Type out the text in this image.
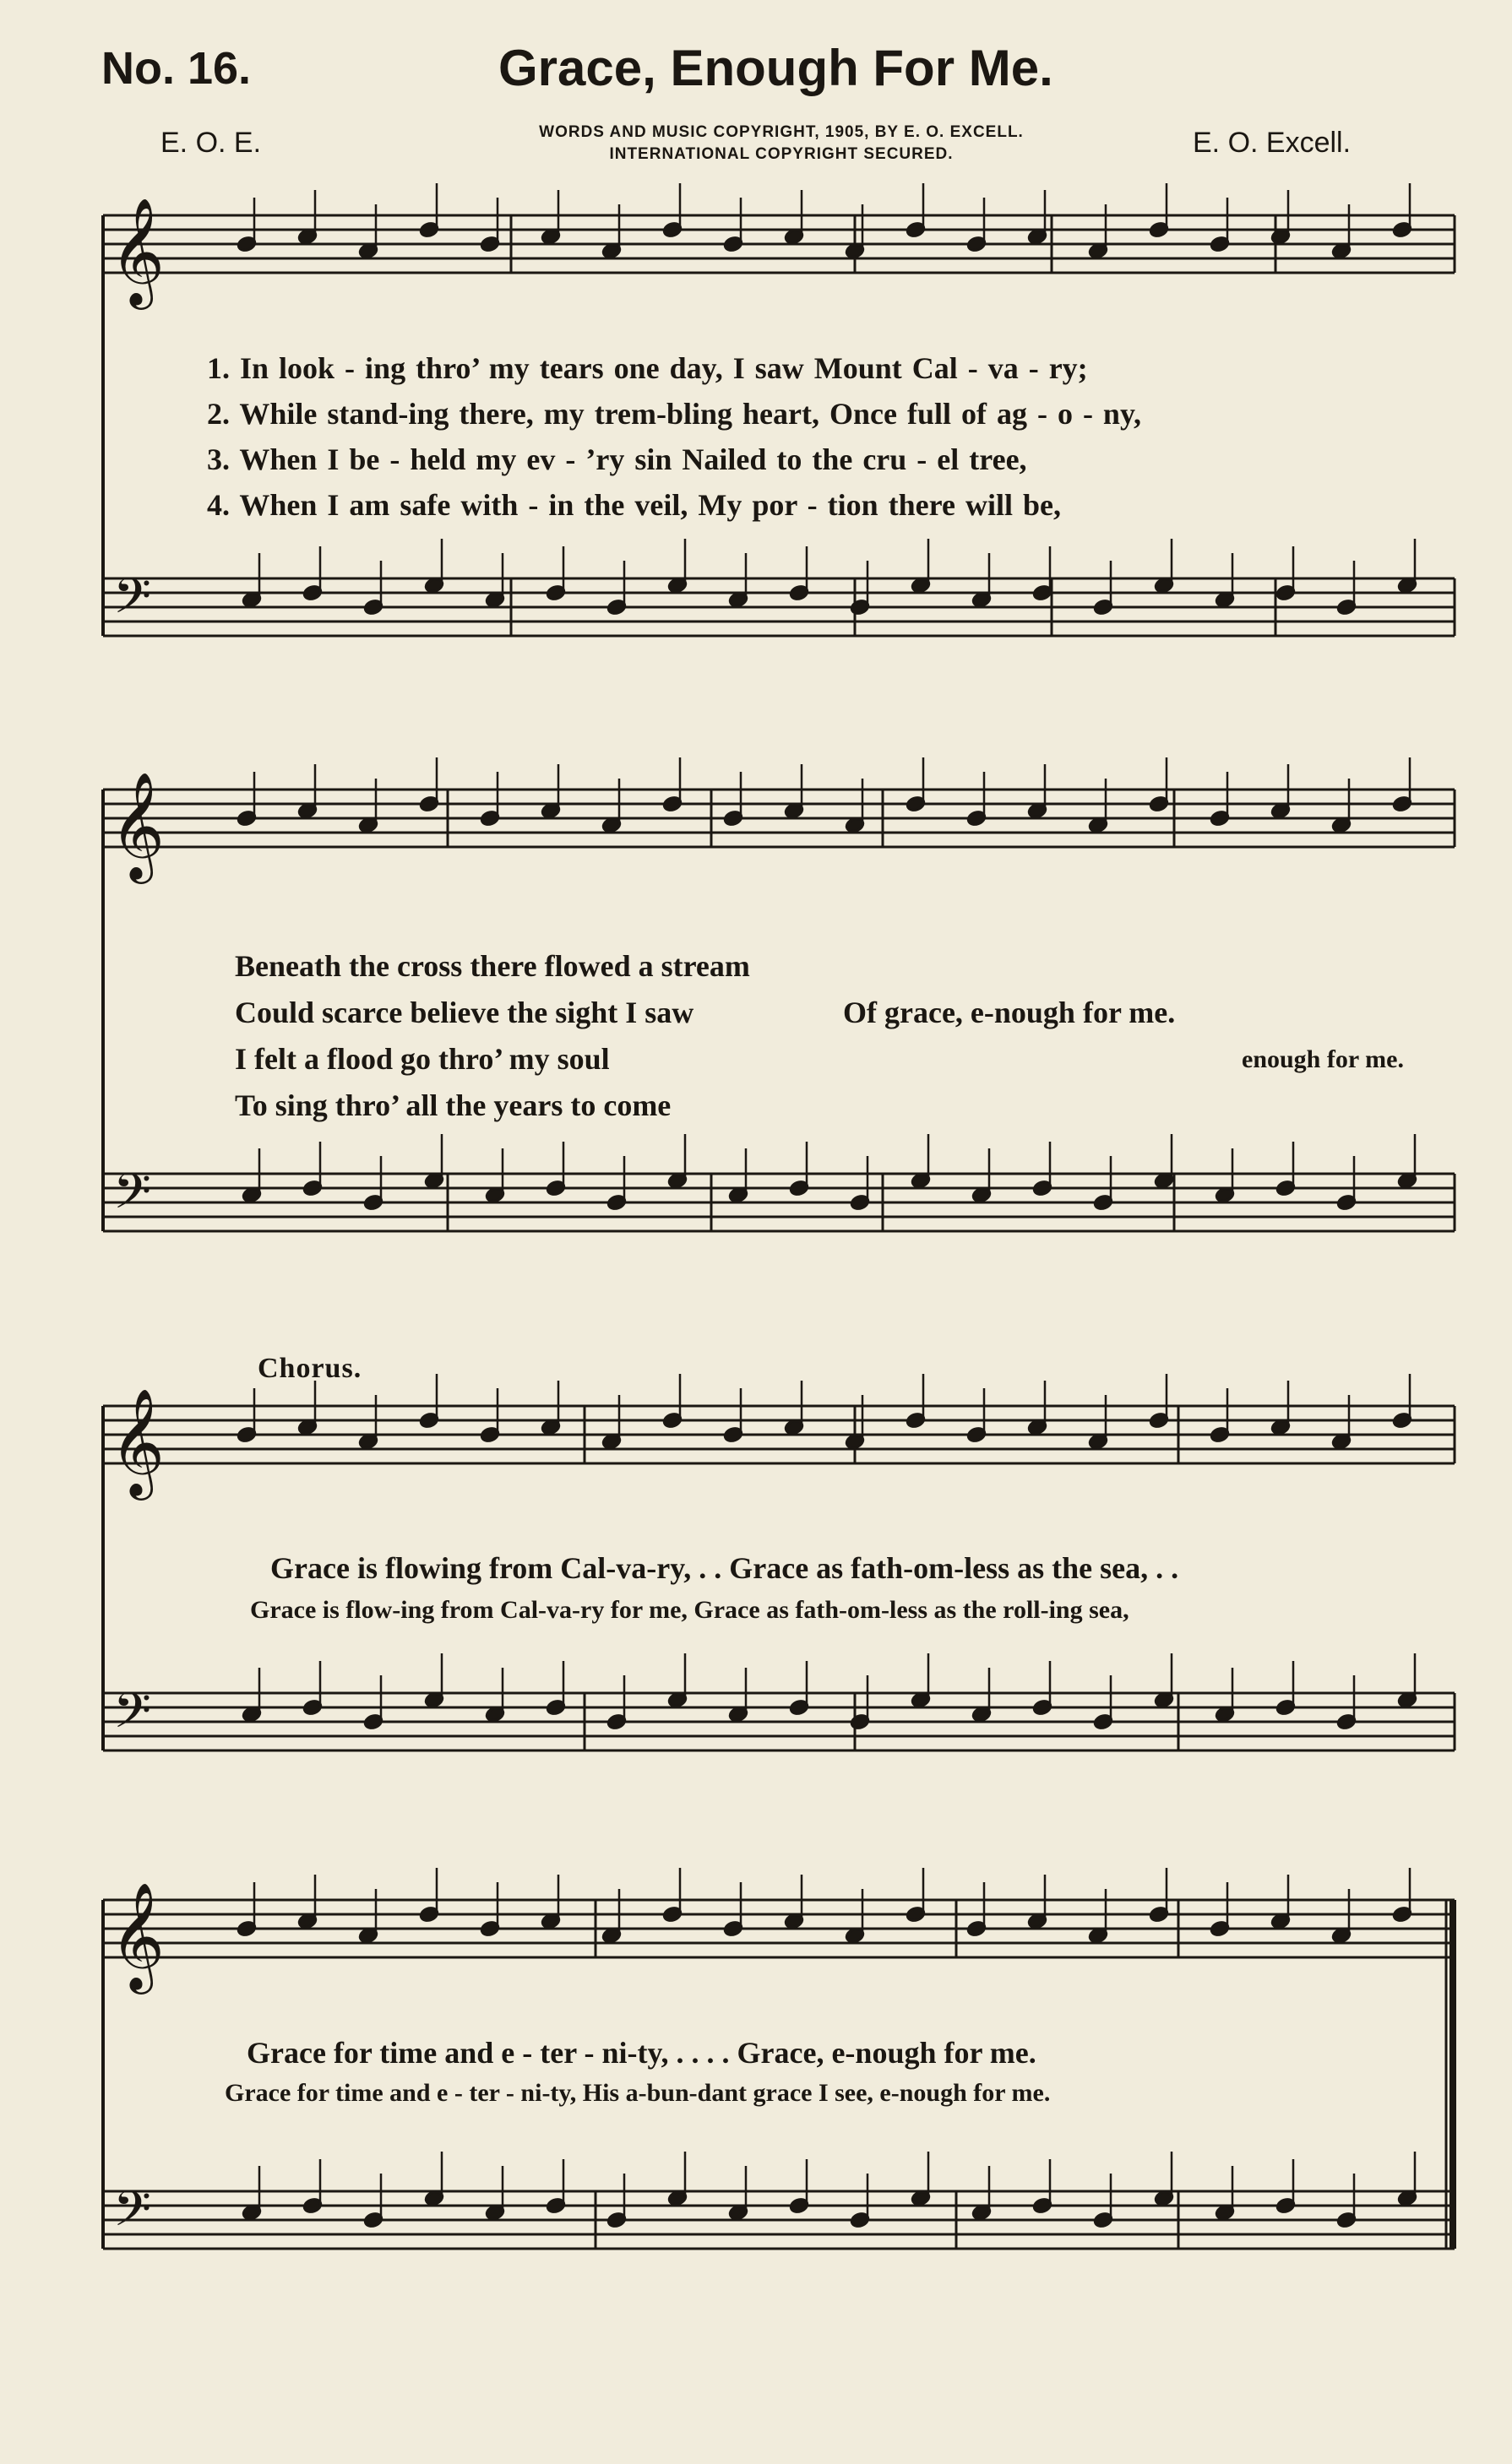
No. 16.	Grace, Enough For Me.
E. O. E.	E. O. Excell.
WORDS AND MUSIC COPYRIGHT, 1905, BY E. O. EXCELL.
INTERNATIONAL COPYRIGHT SECURED.
𝄞
𝄢
𝄞
𝄢
𝄞
𝄢
𝄞
𝄢
1. In look - ing thro’ my tears one day, I saw Mount Cal - va - ry;
2. While stand-ing there, my trem-bling heart, Once full of ag - o - ny,
3. When I be - held my ev - ’ry sin Nailed to the cru - el tree,
4. When I am safe with - in the veil, My por - tion there will be,
Beneath the cross there flowed a stream
Could scarce believe the sight I saw	Of grace, e-nough for me.
I felt a flood go thro’ my soul	enough for me.
To sing thro’ all the years to come
Chorus.
Grace is flowing from Cal-va-ry, . . Grace as fath-om-less as the sea, . .
Grace is flow-ing from Cal-va-ry for me, Grace as fath-om-less as the roll-ing sea,
Grace for time and e - ter - ni-ty, . . . . Grace, e-nough for me.
Grace for time and e - ter - ni-ty, His a-bun-dant grace I see, e-nough for me.
